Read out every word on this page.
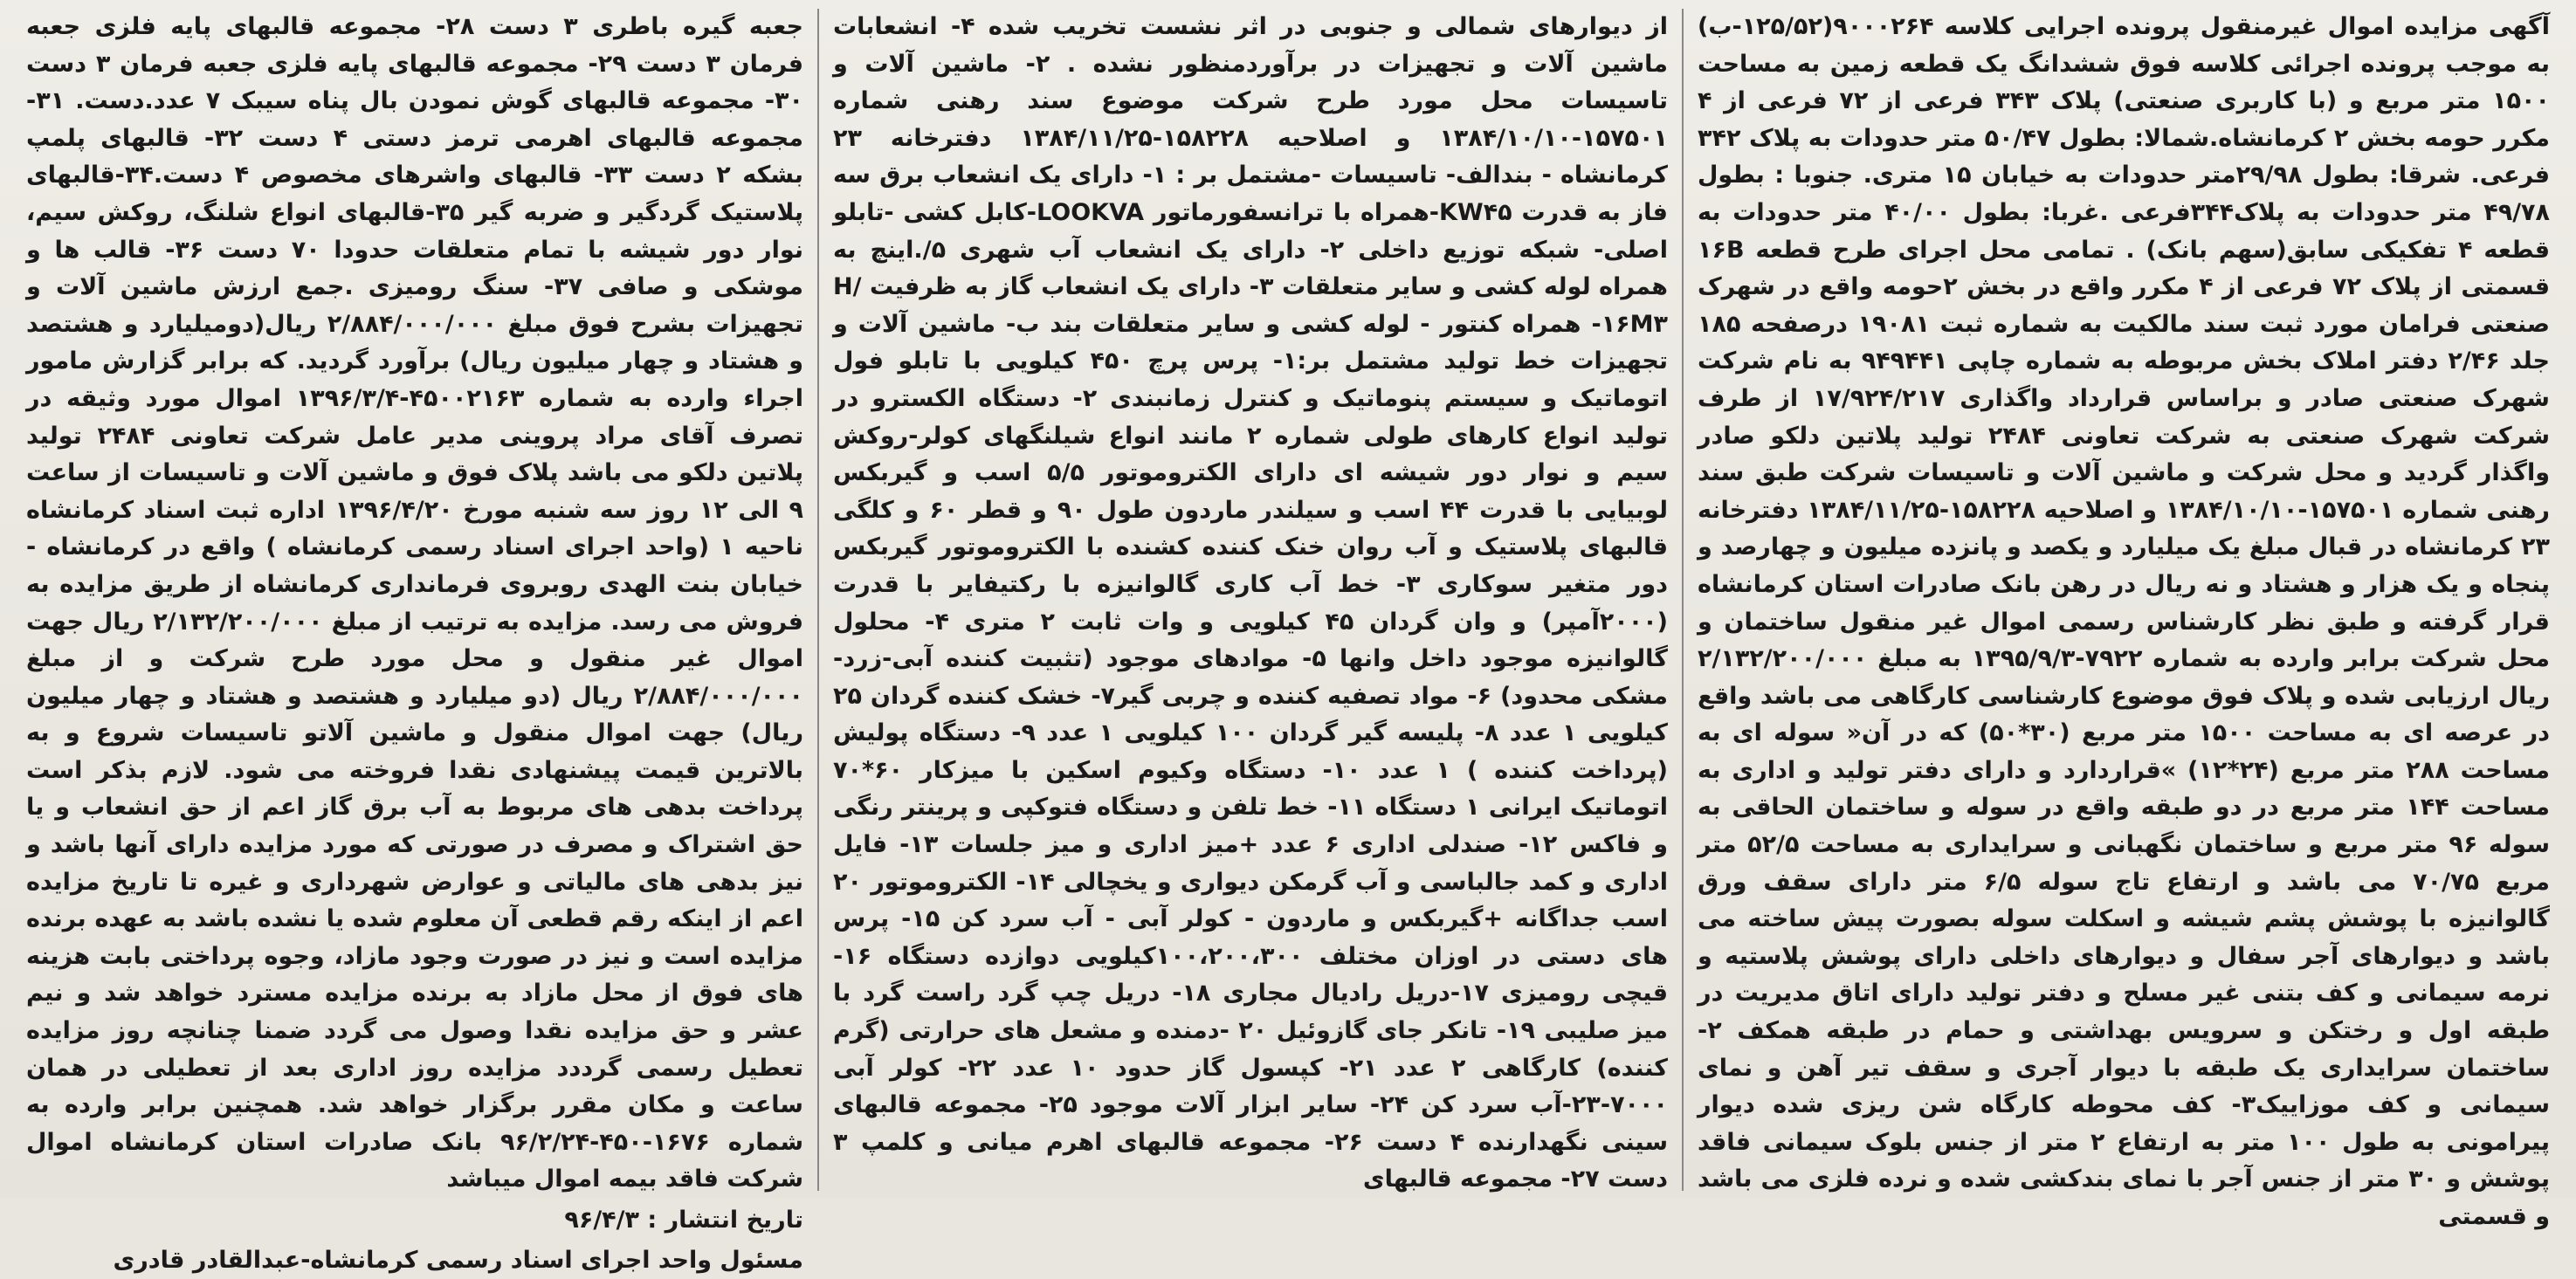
آگهی مزایده اموال غیرمنقول پرونده اجرایی کلاسه ۹۰۰۰۲۶۴(۱۲۵/۵۲-ب) به موجب پرونده اجرائی کلاسه فوق ششدانگ یک قطعه زمین به مساحت ۱۵۰۰ متر مربع و (با کاربری صنعتی) پلاک ۳۴۳ فرعی از ۷۲ فرعی از ۴ مکرر حومه بخش ۲ کرمانشاه.شمالا: بطول ۵۰/۴۷ متر حدودات به پلاک ۳۴۲ فرعی. شرقا: بطول ۲۹/۹۸متر حدودات به خیابان ۱۵ متری. جنوبا : بطول ۴۹/۷۸ متر حدودات به پلاک۳۴۴فرعی .غربا: بطول ۴۰/۰۰ متر حدودات به قطعه ۴ تفکیکی سابق(سهم بانک) . تمامی محل اجرای طرح قطعه ۱۶B قسمتی از پلاک ۷۲ فرعی از ۴ مکرر واقع در بخش ۲حومه واقع در شهرک صنعتی فرامان مورد ثبت سند مالکیت به شماره ثبت ۱۹۰۸۱ درصفحه ۱۸۵ جلد ۲/۴۶ دفتر املاک بخش مربوطه به شماره چاپی ۹۴۹۴۴۱ به نام شرکت شهرک صنعتی صادر و براساس قرارداد واگذاری ۱۷/۹۲۴/۲۱۷ از طرف شرکت شهرک صنعتی به شرکت تعاونی ۲۴۸۴ تولید پلاتین دلکو صادر واگذار گردید و محل شرکت و ماشین آلات و تاسیسات شرکت طبق سند رهنی شماره ۱۵۷۵۰۱-۱۳۸۴/۱۰/۱۰ و اصلاحیه ۱۵۸۲۲۸-۱۳۸۴/۱۱/۲۵ دفترخانه ۲۳ کرمانشاه در قبال مبلغ یک میلیارد و یکصد و پانزده میلیون و چهارصد و پنجاه و یک هزار و هشتاد و نه ریال در رهن بانک صادرات استان کرمانشاه قرار گرفته و طبق نظر کارشناس رسمی اموال غیر منقول ساختمان و محل شرکت برابر وارده به شماره ۷۹۲۲-۱۳۹۵/۹/۳ به مبلغ ۲/۱۳۲/۲۰۰/۰۰۰ ریال ارزیابی شده و پلاک فوق موضوع کارشناسی کارگاهی می باشد واقع در عرصه ای به مساحت ۱۵۰۰ متر مربع (۳۰*۵۰) که در آن« سوله ای به مساحت ۲۸۸ متر مربع (۲۴*۱۲) »قراردارد و دارای دفتر تولید و اداری به مساحت ۱۴۴ متر مربع در دو طبقه واقع در سوله و ساختمان الحاقی به سوله ۹۶ متر مربع و ساختمان نگهبانی و سرایداری به مساحت ۵۲/۵ متر مربع ۷۰/۷۵ می باشد و ارتفاع تاج سوله ۶/۵ متر دارای سقف ورق گالوانیزه با پوشش پشم شیشه و اسکلت سوله بصورت پیش ساخته می باشد و دیوارهای آجر سفال و دیوارهای داخلی دارای پوشش پلاستیه و نرمه سیمانی و کف بتنی غیر مسلح و دفتر تولید دارای اتاق مدیریت در طبقه اول و رختکن و سرویس بهداشتی و حمام در طبقه همکف ۲- ساختمان سرایداری یک طبقه با دیوار آجری و سقف تیر آهن و نمای سیمانی و کف موزاییک۳- کف محوطه کارگاه شن ریزی شده دیوار پیرامونی به طول ۱۰۰ متر به ارتفاع ۲ متر از جنس بلوک سیمانی فاقد پوشش و ۳۰ متر از جنس آجر با نمای بندکشی شده و نرده فلزی می باشد و قسمتی

از دیوارهای شمالی و جنوبی در اثر نشست تخریب شده ۴- انشعابات ماشین آلات و تجهیزات در برآوردمنظور نشده . ۲- ماشین آلات و تاسیسات محل مورد طرح شرکت موضوع سند رهنی شماره ۱۵۷۵۰۱-۱۳۸۴/۱۰/۱۰ و اصلاحیه ۱۵۸۲۲۸-۱۳۸۴/۱۱/۲۵ دفترخانه ۲۳ کرمانشاه - بندالف- تاسیسات -مشتمل بر : ۱- دارای یک انشعاب برق سه فاز به قدرت KW۴۵-همراه با ترانسفورماتور LOOKVA-کابل کشی -تابلو اصلی- شبکه توزیع داخلی ۲- دارای یک انشعاب آب شهری ۵/.اینچ به همراه لوله کشی و سایر متعلقات ۳- دارای یک انشعاب گاز به ظرفیت H/۱۶M۳- همراه کنتور - لوله کشی و سایر متعلقات بند ب- ماشین آلات و تجهیزات خط تولید مشتمل بر:۱- پرس پرچ ۴۵۰ کیلویی با تابلو فول اتوماتیک و سیستم پنوماتیک و کنترل زمانبندی ۲- دستگاه الکسترو در تولید انواع کارهای طولی شماره ۲ مانند انواع شیلنگهای کولر-روکش سیم و نوار دور شیشه ای دارای الکتروموتور ۵/۵ اسب و گیربکس لوبیایی با قدرت ۴۴ اسب و سیلندر ماردون طول ۹۰ و قطر ۶۰ و کلگی قالبهای پلاستیک و آب روان خنک کننده کشنده با الکتروموتور گیربکس دور متغیر سوکاری ۳- خط آب کاری گالوانیزه با رکتیفایر با قدرت (۲۰۰۰آمپر) و وان گردان ۴۵ کیلویی و وات ثابت ۲ متری ۴- محلول گالوانیزه موجود داخل وانها ۵- موادهای موجود (تثبیت کننده آبی-زرد- مشکی محدود) ۶- مواد تصفیه کننده و چربی گیر۷- خشک کننده گردان ۲۵ کیلویی ۱ عدد ۸- پلیسه گیر گردان ۱۰۰ کیلویی ۱ عدد ۹- دستگاه پولیش (پرداخت کننده ) ۱ عدد ۱۰- دستگاه وکیوم اسکین با میزکار ۶۰*۷۰ اتوماتیک ایرانی ۱ دستگاه ۱۱- خط تلفن و دستگاه فتوکپی و پرینتر رنگی و فاکس ۱۲- صندلی اداری ۶ عدد +میز اداری و میز جلسات ۱۳- فایل اداری و کمد جالباسی و آب گرمکن دیواری و یخچالی ۱۴- الکتروموتور ۲۰ اسب جداگانه +گیربکس و ماردون - کولر آبی - آب سرد کن ۱۵- پرس های دستی در اوزان مختلف ۱۰۰،۲۰۰،۳۰۰کیلویی دوازده دستگاه ۱۶- قیچی رومیزی ۱۷-دریل رادیال مجاری ۱۸- دریل چپ گرد راست گرد با میز صلیبی ۱۹- تانکر جای گازوئیل ۲۰ -دمنده و مشعل های حرارتی (گرم کننده) کارگاهی ۲ عدد ۲۱- کپسول گاز حدود ۱۰ عدد ۲۲- کولر آبی ۷۰۰۰-۲۳-آب سرد کن ۲۴- سایر ابزار آلات موجود ۲۵- مجموعه قالبهای سینی نگهدارنده ۴ دست ۲۶- مجموعه قالبهای اهرم میانی و کلمپ ۳ دست ۲۷- مجموعه قالبهای

جعبه گیره باطری ۳ دست ۲۸- مجموعه قالبهای پایه فلزی جعبه فرمان ۳ دست ۲۹- مجموعه قالبهای پایه فلزی جعبه فرمان ۳ دست ۳۰- مجموعه قالبهای گوش نمودن بال پناه سیبک ۷ عدد.دست. ۳۱- مجموعه قالبهای اهرمی ترمز دستی ۴ دست ۳۲- قالبهای پلمپ بشکه ۲ دست ۳۳- قالبهای واشرهای مخصوص ۴ دست.۳۴-قالبهای پلاستیک گردگیر و ضربه گیر ۳۵-قالبهای انواع شلنگ، روکش سیم، نوار دور شیشه با تمام متعلقات حدودا ۷۰ دست ۳۶- قالب ها و موشکی و صافی ۳۷- سنگ رومیزی .جمع ارزش ماشین آلات و تجهیزات بشرح فوق مبلغ ۲/۸۸۴/۰۰۰/۰۰۰ ریال(دومیلیارد و هشتصد و هشتاد و چهار میلیون ریال) برآورد گردید. که برابر گزارش مامور اجراء وارده به شماره ۴۵۰۰۲۱۶۳-۱۳۹۶/۳/۴ اموال مورد وثیقه در تصرف آقای مراد پروینی مدیر عامل شرکت تعاونی ۲۴۸۴ تولید پلاتین دلکو می باشد پلاک فوق و ماشین آلات و تاسیسات از ساعت ۹ الی ۱۲ روز سه شنبه مورخ ۱۳۹۶/۴/۲۰ اداره ثبت اسناد کرمانشاه ناحیه ۱ (واحد اجرای اسناد رسمی کرمانشاه ) واقع در کرمانشاه - خیابان بنت الهدی روبروی فرمانداری کرمانشاه از طریق مزایده به فروش می رسد. مزایده به ترتیب از مبلغ ۲/۱۳۲/۲۰۰/۰۰۰ ریال جهت اموال غیر منقول و محل مورد طرح شرکت و از مبلغ ۲/۸۸۴/۰۰۰/۰۰۰ ریال (دو میلیارد و هشتصد و هشتاد و چهار میلیون ریال) جهت اموال منقول و ماشین آلاتو تاسیسات شروع و به بالاترین قیمت پیشنهادی نقدا فروخته می شود. لازم بذکر است پرداخت بدهی های مربوط به آب برق گاز اعم از حق انشعاب و یا حق اشتراک و مصرف در صورتی که مورد مزایده دارای آنها باشد و نیز بدهی های مالیاتی و عوارض شهرداری و غیره تا تاریخ مزایده اعم از اینکه رقم قطعی آن معلوم شده یا نشده باشد به عهده برنده مزایده است و نیز در صورت وجود مازاد، وجوه پرداختی بابت هزینه های فوق از محل مازاد به برنده مزایده مسترد خواهد شد و نیم عشر و حق مزایده نقدا وصول می گردد ضمنا چنانچه روز مزایده تعطیل رسمی گرددد مزایده روز اداری بعد از تعطیلی در همان ساعت و مکان مقرر برگزار خواهد شد. همچنین برابر وارده به شماره ۱۶۷۶-۴۵۰-۹۶/۲/۲۴ بانک صادرات استان کرمانشاه اموال شرکت فاقد بیمه اموال میباشد

تاریخ انتشار : ۹۶/۴/۳
مسئول واحد اجرای اسناد رسمی کرمانشاه-عبدالقادر قادری
